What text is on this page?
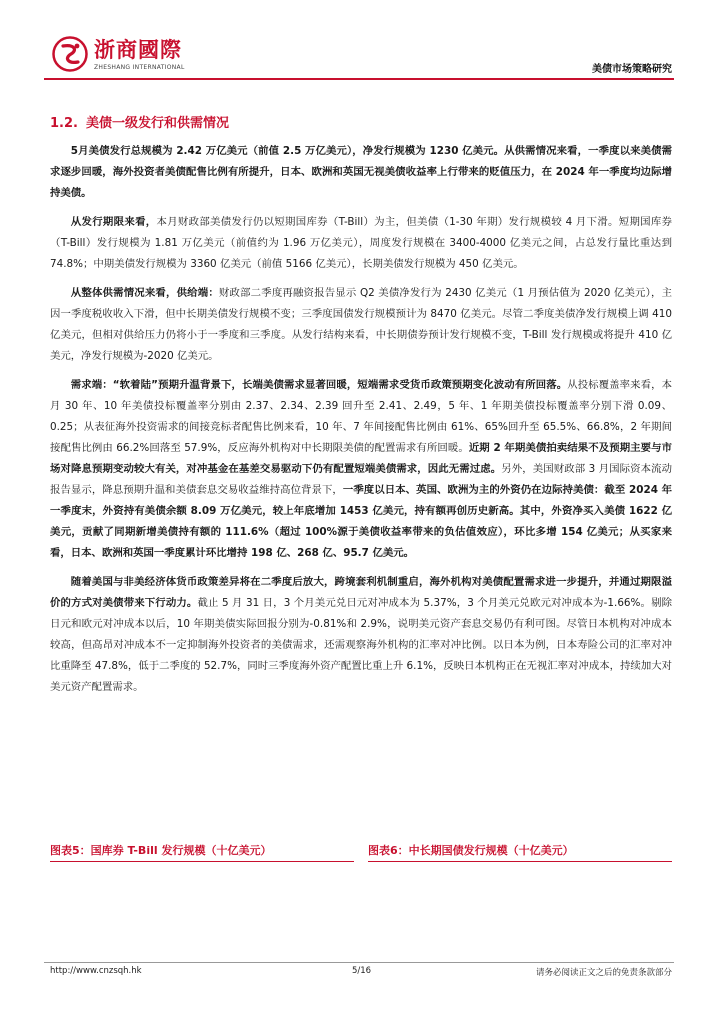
浙商國際
ZHESHANG INTERNATIONAL	美债市场策略研究
1.2. 美债一级发行和供需情况

5月美债发行总规模为 2.42 万亿美元（前值 2.5 万亿美元），净发行规模为 1230 亿美元。从供需情况来看，一季度以来美债需求逐步回暖，海外投资者美债配售比例有所提升，日本、欧洲和英国无视美债收益率上行带来的贬值压力，在 2024 年一季度均边际增持美债。

从发行期限来看，本月财政部美债发行仍以短期国库券（T-Bill）为主，但美债（1-30 年期）发行规模较 4 月下滑。短期国库券（T-Bill）发行规模为 1.81 万亿美元（前值约为 1.96 万亿美元），周度发行规模在 3400-4000 亿美元之间，占总发行量比重达到 74.8%；中期美债发行规模为 3360 亿美元（前值 5166 亿美元），长期美债发行规模为 450 亿美元。

从整体供需情况来看，供给端：财政部二季度再融资报告显示 Q2 美债净发行为 2430 亿美元（1 月预估值为 2020 亿美元），主因一季度税收收入下滑，但中长期美债发行规模不变；三季度国债发行规模预计为 8470 亿美元。尽管二季度美债净发行规模上调 410 亿美元，但相对供给压力仍将小于一季度和三季度。从发行结构来看，中长期债券预计发行规模不变，T-Bill 发行规模或将提升 410 亿美元，净发行规模为-2020 亿美元。

需求端：“软着陆”预期升温背景下，长端美债需求显著回暖，短端需求受货币政策预期变化波动有所回落。从投标覆盖率来看，本月 30 年、10 年美债投标覆盖率分别由 2.37、2.34、2.39 回升至 2.41、2.49，5 年、1 年期美债投标覆盖率分别下滑 0.09、0.25；从表征海外投资需求的间接竞标者配售比例来看，10 年、7 年间接配售比例由 61%、65%回升至 65.5%、66.8%，2 年期间接配售比例由 66.2%回落至 57.9%，反应海外机构对中长期限美债的配置需求有所回暖。近期 2 年期美债拍卖结果不及预期主要与市场对降息预期变动较大有关，对冲基金在基差交易驱动下仍有配置短端美债需求，因此无需过虑。另外，美国财政部 3 月国际资本流动报告显示，降息预期升温和美债套息交易收益维持高位背景下，一季度以日本、英国、欧洲为主的外资仍在边际持美债：截至 2024 年一季度末，外资持有美债余额 8.09 万亿美元，较上年底增加 1453 亿美元，持有额再创历史新高。其中，外资净买入美债 1622 亿美元，贡献了同期新增美债持有额的 111.6%（超过 100%源于美债收益率带来的负估值效应），环比多增 154 亿美元；从买家来看，日本、欧洲和英国一季度累计环比增持 198 亿、268 亿、95.7 亿美元。

随着美国与非美经济体货币政策差异将在二季度后放大，跨境套利机制重启，海外机构对美债配置需求进一步提升，并通过期限溢价的方式对美债带来下行动力。截止 5 月 31 日，3 个月美元兑日元对冲成本为 5.37%，3 个月美元兑欧元对冲成本为-1.66%。剔除日元和欧元对冲成本以后，10 年期美债实际回报分别为-0.81%和 2.9%，说明美元资产套息交易仍有利可图。尽管日本机构对冲成本较高，但高昂对冲成本不一定抑制海外投资者的美债需求，还需观察海外机构的汇率对冲比例。以日本为例，日本寿险公司的汇率对冲比重降至 47.8%，低于二季度的 52.7%，同时三季度海外资产配置比重上升 6.1%，反映日本机构正在无视汇率对冲成本，持续加大对美元资产配置需求。

图表5：国库券 T-Bill 发行规模（十亿美元）	图表6：中长期国债发行规模（十亿美元）
http://www.cnzsqh.hk	5/16	请务必阅读正文之后的免责条款部分
